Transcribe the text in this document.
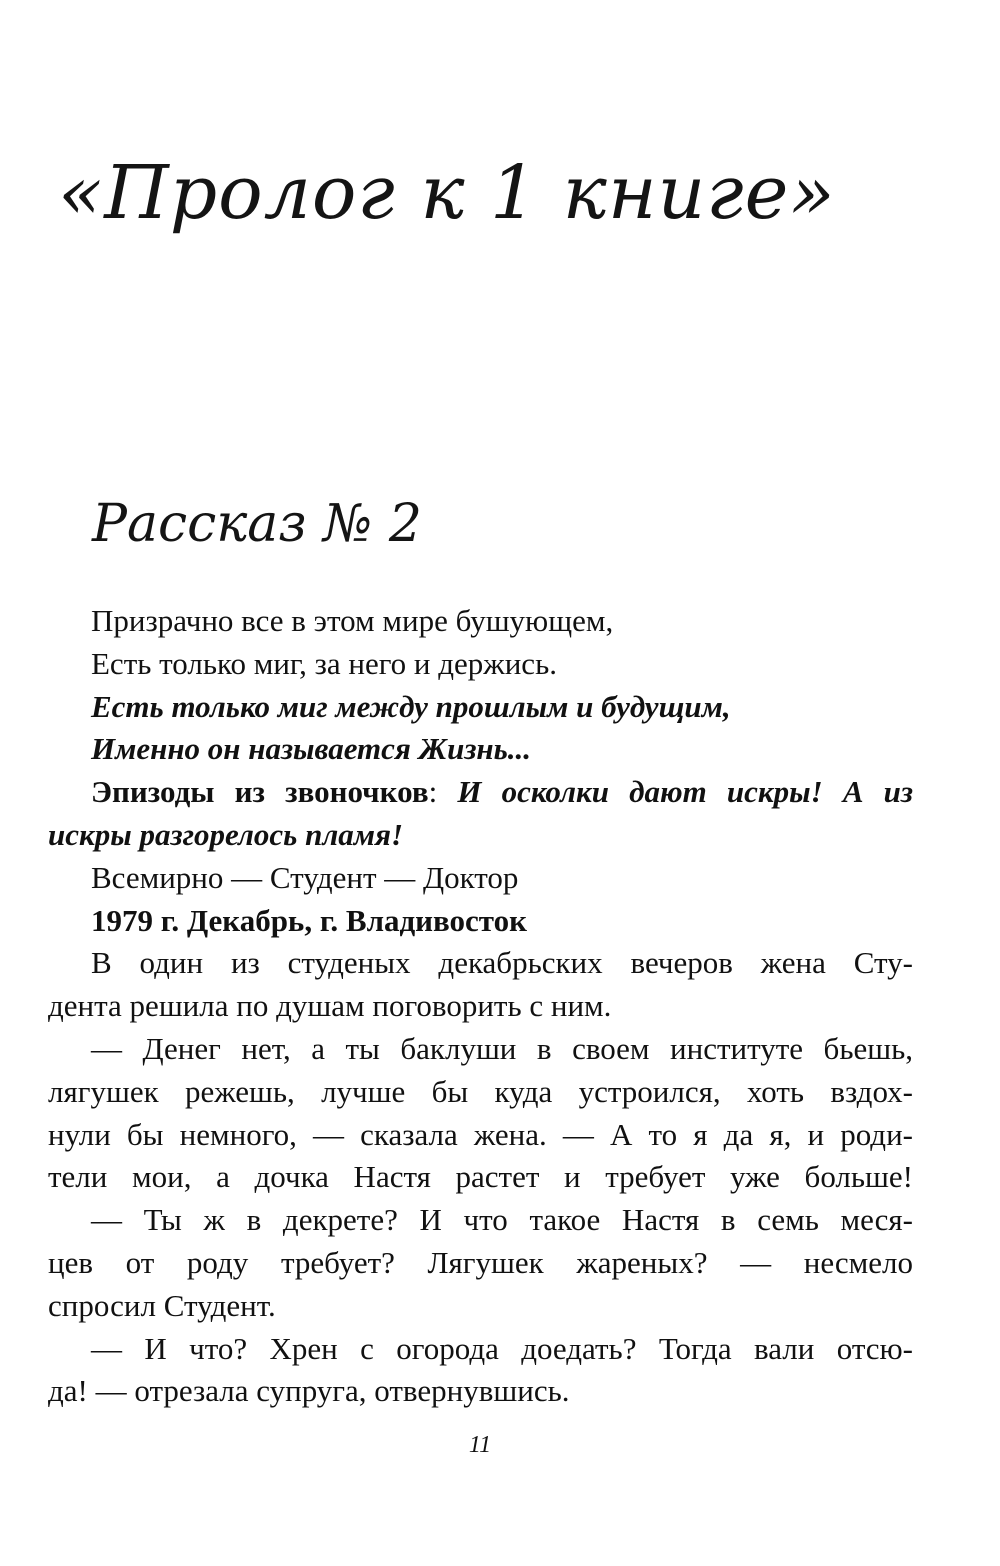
«Пролог к 1 книге»
Рассказ № 2
Призрачно все в этом мире бушующем,
Есть только миг, за него и держись.
Есть только миг между прошлым и будущим,
Именно он называется Жизнь...
Эпизоды из звоночков: И осколки дают искры! А из
искры разгорелось пламя!
Всемирно — Студент — Доктор
1979 г. Декабрь, г. Владивосток
В один из студеных декабрьских вечеров жена Сту-
дента решила по душам поговорить с ним.
— Денег нет, а ты баклуши в своем институте бьешь,
лягушек режешь, лучше бы куда устроился, хоть вздох-
нули бы немного, — сказала жена. — А то я да я, и роди-
тели мои, а дочка Настя растет и требует уже больше!
— Ты ж в декрете? И что такое Настя в семь меся-
цев от роду требует? Лягушек жареных? — несмело
спросил Студент.
— И что? Хрен с огорода доедать? Тогда вали отсю-
да! — отрезала супруга, отвернувшись.
11
